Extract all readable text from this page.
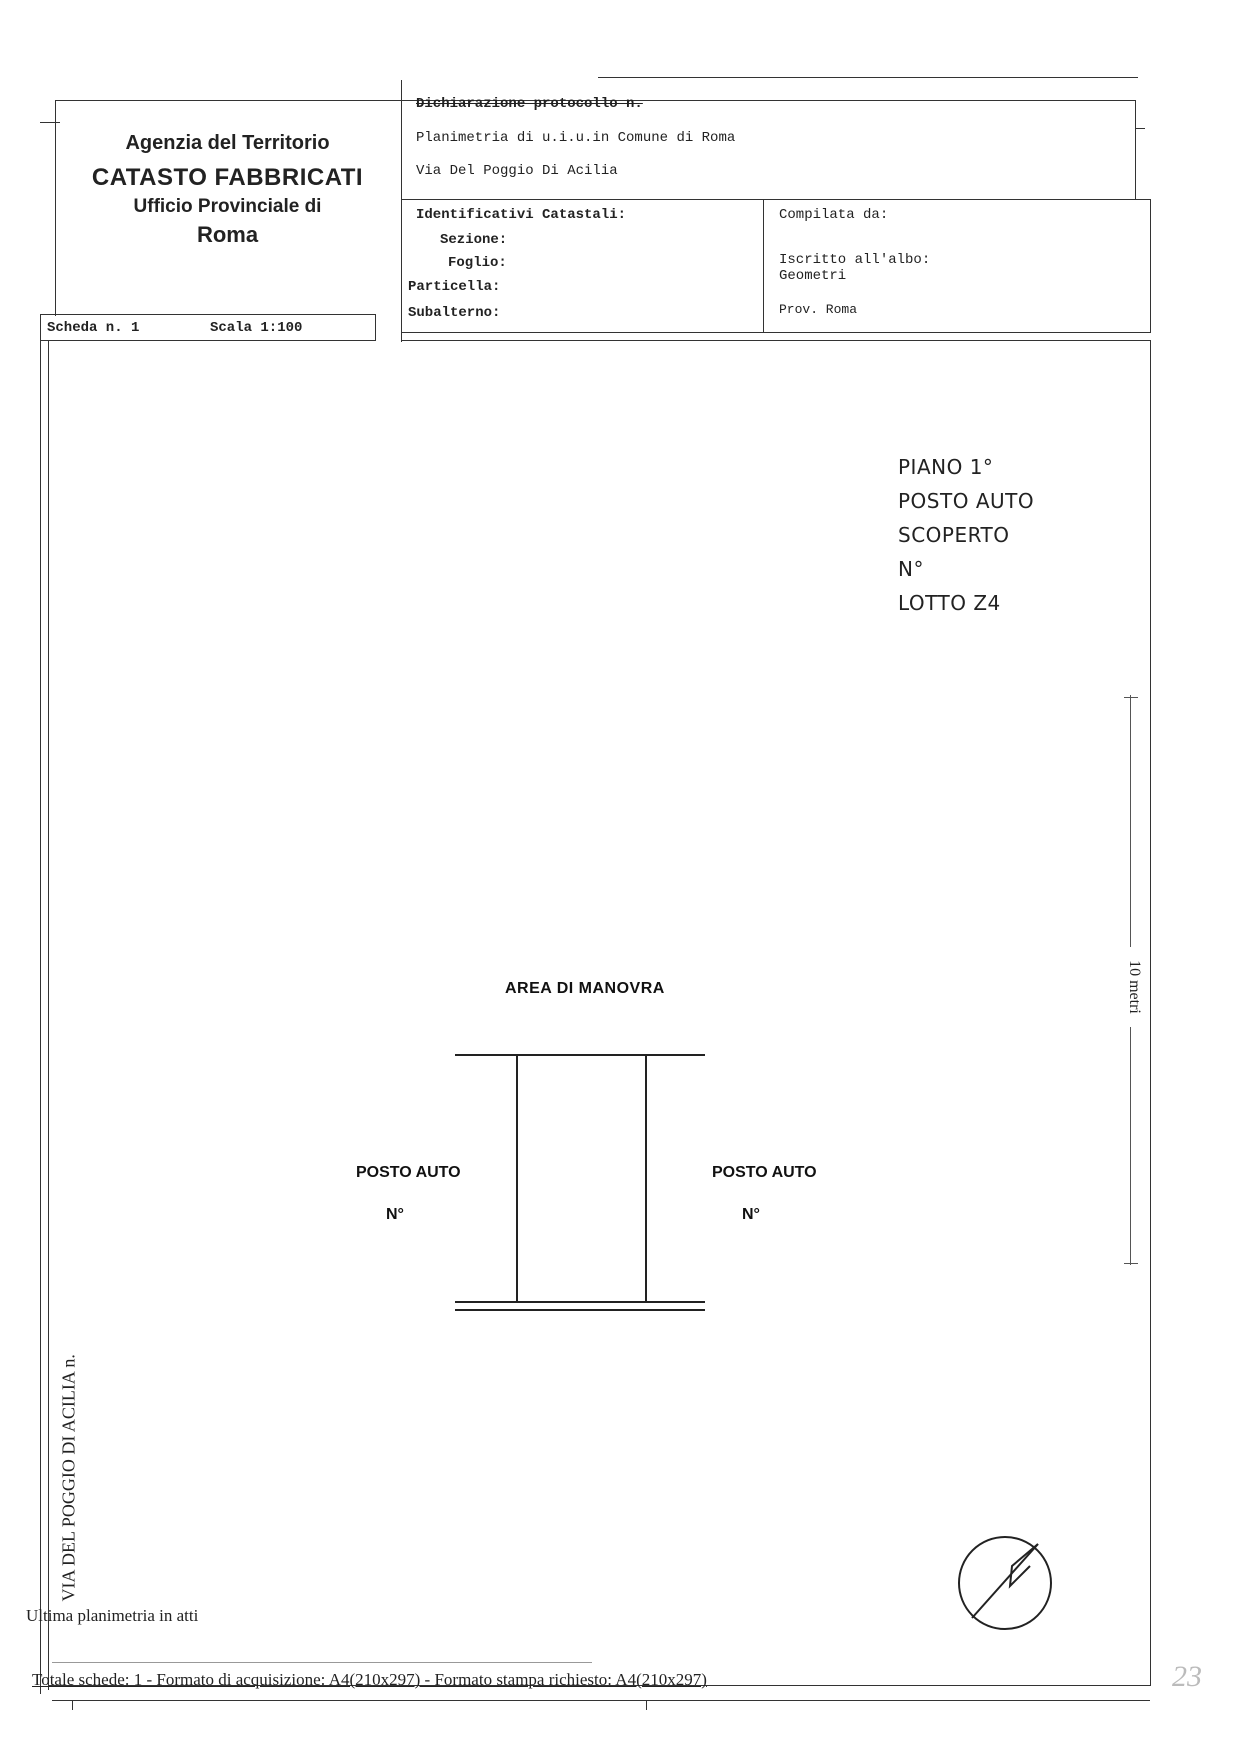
Agenzia del Territorio
CATASTO FABBRICATI
Ufficio Provinciale di
Roma
Dichiarazione protocollo n.
Planimetria di u.i.u.in Comune di Roma
Via Del Poggio Di Acilia
Identificativi Catastali:
Sezione:
Foglio:
Particella:
Subalterno:
Compilata da:
Iscritto all'albo:
Geometri
Prov. Roma
Scheda n. 1	Scala 1:100
PIANO 1°
POSTO AUTO
SCOPERTO
N°
LOTTO Z4
AREA DI MANOVRA
POSTO AUTO
N°
POSTO AUTO
N°
VIA DEL POGGIO DI ACILIA n.
10 metri
Ultima planimetria in atti
Totale schede: 1 - Formato di acquisizione: A4(210x297) - Formato stampa richiesto: A4(210x297)	23
